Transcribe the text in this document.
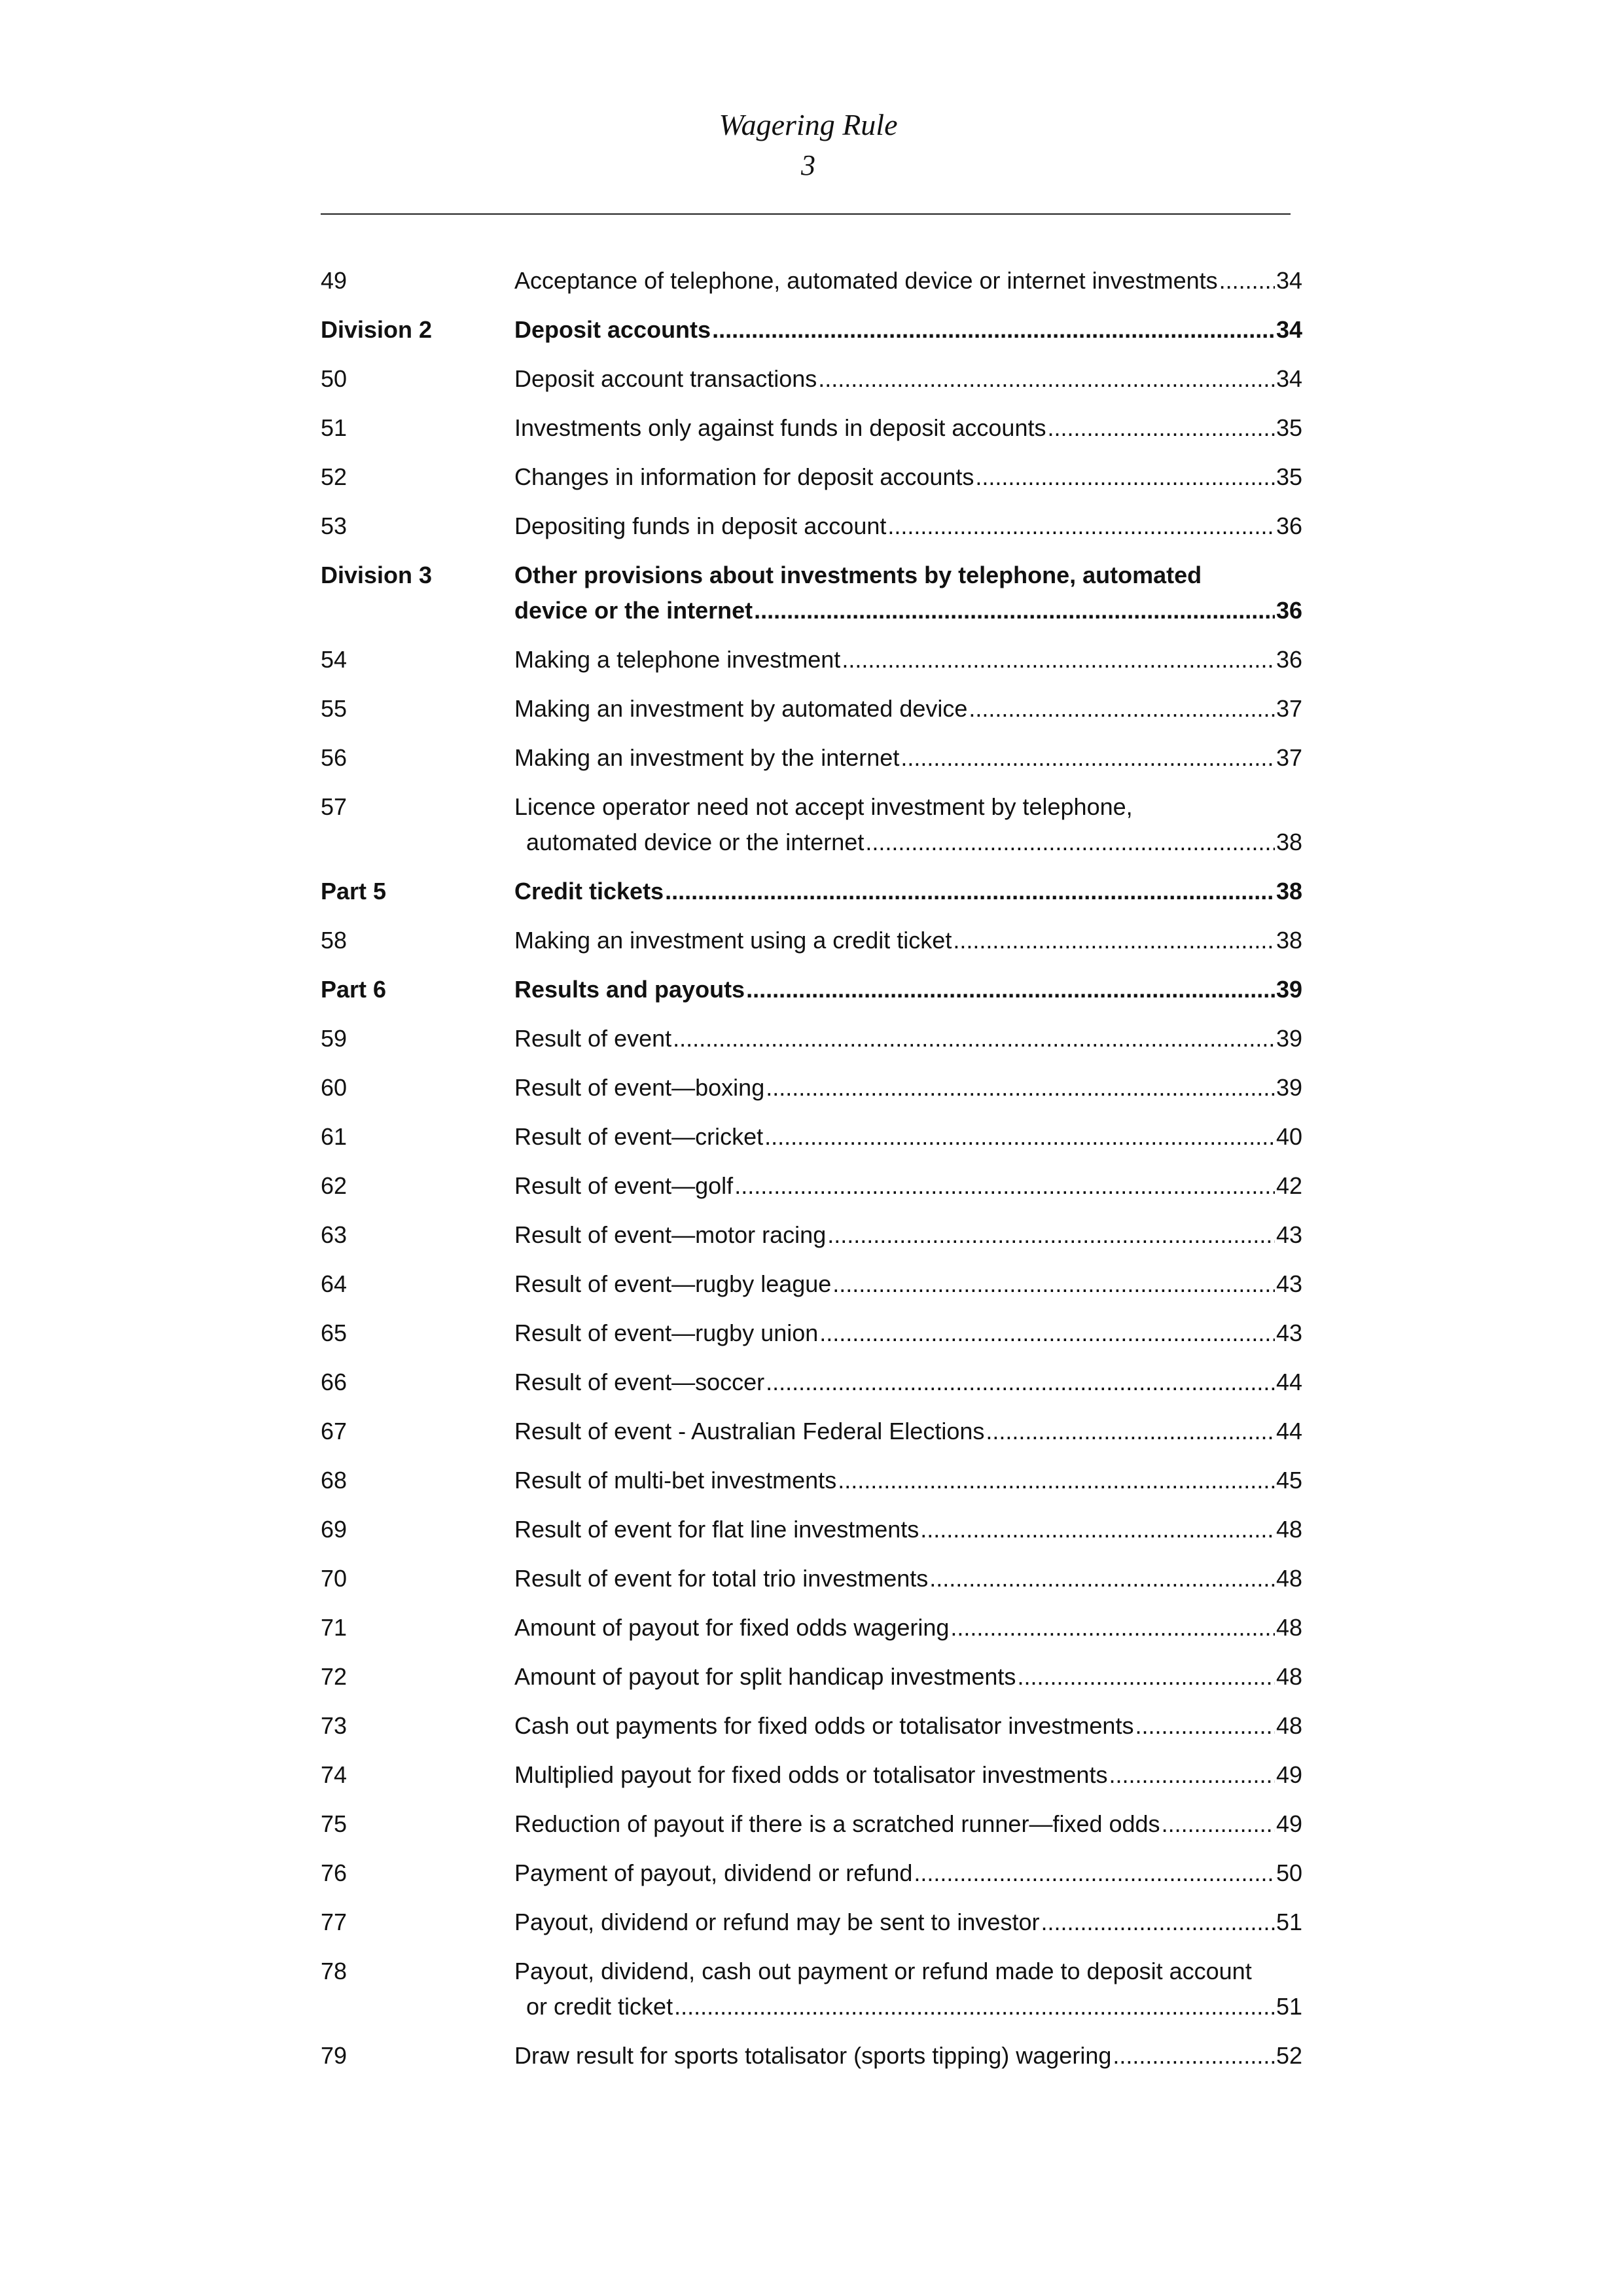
Wagering Rule
3
49	Acceptance of telephone, automated device or internet investments ..... 34
Division 2	Deposit accounts .....	34
50	Deposit account transactions .....	34
51	Investments only against funds in deposit accounts .....	35
52	Changes in information for deposit accounts .....	35
53	Depositing funds in deposit account .....	36
Division 3	Other provisions about investments by telephone, automated
device or the internet .....	36
54	Making a telephone investment .....	36
55	Making an investment by automated device .....	37
56	Making an investment by the internet .....	37
57	Licence operator need not accept investment by telephone,
automated device or the internet .....	38
Part 5	Credit tickets .....	38
58	Making an investment using a credit ticket .....	38
Part 6	Results and payouts .....	39
59	Result of event .....	39
60	Result of event—boxing .....	39
61	Result of event—cricket .....	40
62	Result of event—golf .....	42
63	Result of event—motor racing .....	43
64	Result of event—rugby league .....	43
65	Result of event—rugby union .....	43
66	Result of event—soccer .....	44
67	Result of event - Australian Federal Elections .....	44
68	Result of multi-bet investments .....	45
69	Result of event for flat line investments .....	48
70	Result of event for total trio investments .....	48
71	Amount of payout for fixed odds wagering .....	48
72	Amount of payout for split handicap investments .....	48
73	Cash out payments for fixed odds or totalisator investments .....	48
74	Multiplied payout for fixed odds or totalisator investments .....	49
75	Reduction of payout if there is a scratched runner—fixed odds .....	49
76	Payment of payout, dividend or refund .....	50
77	Payout, dividend or refund may be sent to investor .....	51
78	Payout, dividend, cash out payment or refund made to deposit account
or credit ticket .....	51
79	Draw result for sports totalisator (sports tipping) wagering .....	52
